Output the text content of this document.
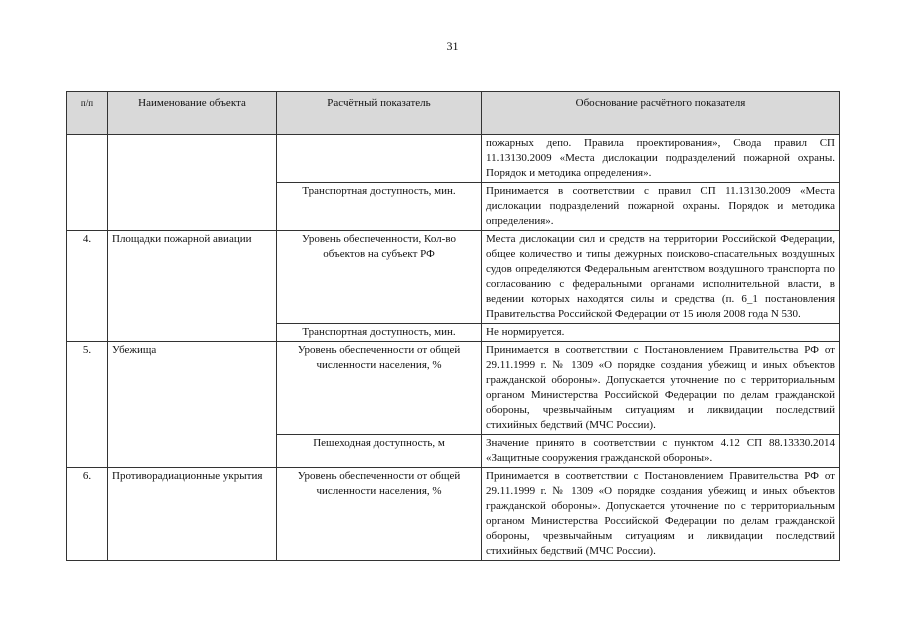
31
п/п	Наименование объекта	Расчётный показатель	Обоснование расчётного показателя
			пожарных депо. Правила проектирования», Свода правил СП 11.13130.2009 «Места дислокации подразделений пожарной охраны. Порядок и методика определения».
		Транспортная доступность, мин.	Принимается в соответствии с правил СП 11.13130.2009 «Места дислокации подразделений пожарной охраны. Порядок и методика определения».
4.	Площадки пожарной авиации	Уровень обеспеченности, Кол-во объектов на субъект РФ	Места дислокации сил и средств на территории Российской Федерации, общее количество и типы дежурных поисково-спасательных воздушных судов определяются Федеральным агентством воздушного транспорта по согласованию с федеральными органами исполнительной власти, в ведении которых находятся силы и средства (п. 6_1 постановления Правительства Российской Федерации от 15 июля 2008 года N 530.
		Транспортная доступность, мин.	Не нормируется.
5.	Убежища	Уровень обеспеченности от общей численности населения, %	Принимается в соответствии с Постановлением Правительства РФ от 29.11.1999 г. № 1309 «О порядке создания убежищ и иных объектов гражданской обороны». Допускается уточнение по с территориальным органом Министерства Российской Федерации по делам гражданской обороны, чрезвычайным ситуациям и ликвидации последствий стихийных бедствий (МЧС России).
		Пешеходная доступность, м	Значение принято в соответствии с пунктом 4.12 СП 88.13330.2014 «Защитные сооружения гражданской обороны».
6.	Противорадиационные укрытия	Уровень обеспеченности от общей численности населения, %	Принимается в соответствии с Постановлением Правительства РФ от 29.11.1999 г. № 1309 «О порядке создания убежищ и иных объектов гражданской обороны». Допускается уточнение по с территориальным органом Министерства Российской Федерации по делам гражданской обороны, чрезвычайным ситуациям и ликвидации последствий стихийных бедствий (МЧС России).
